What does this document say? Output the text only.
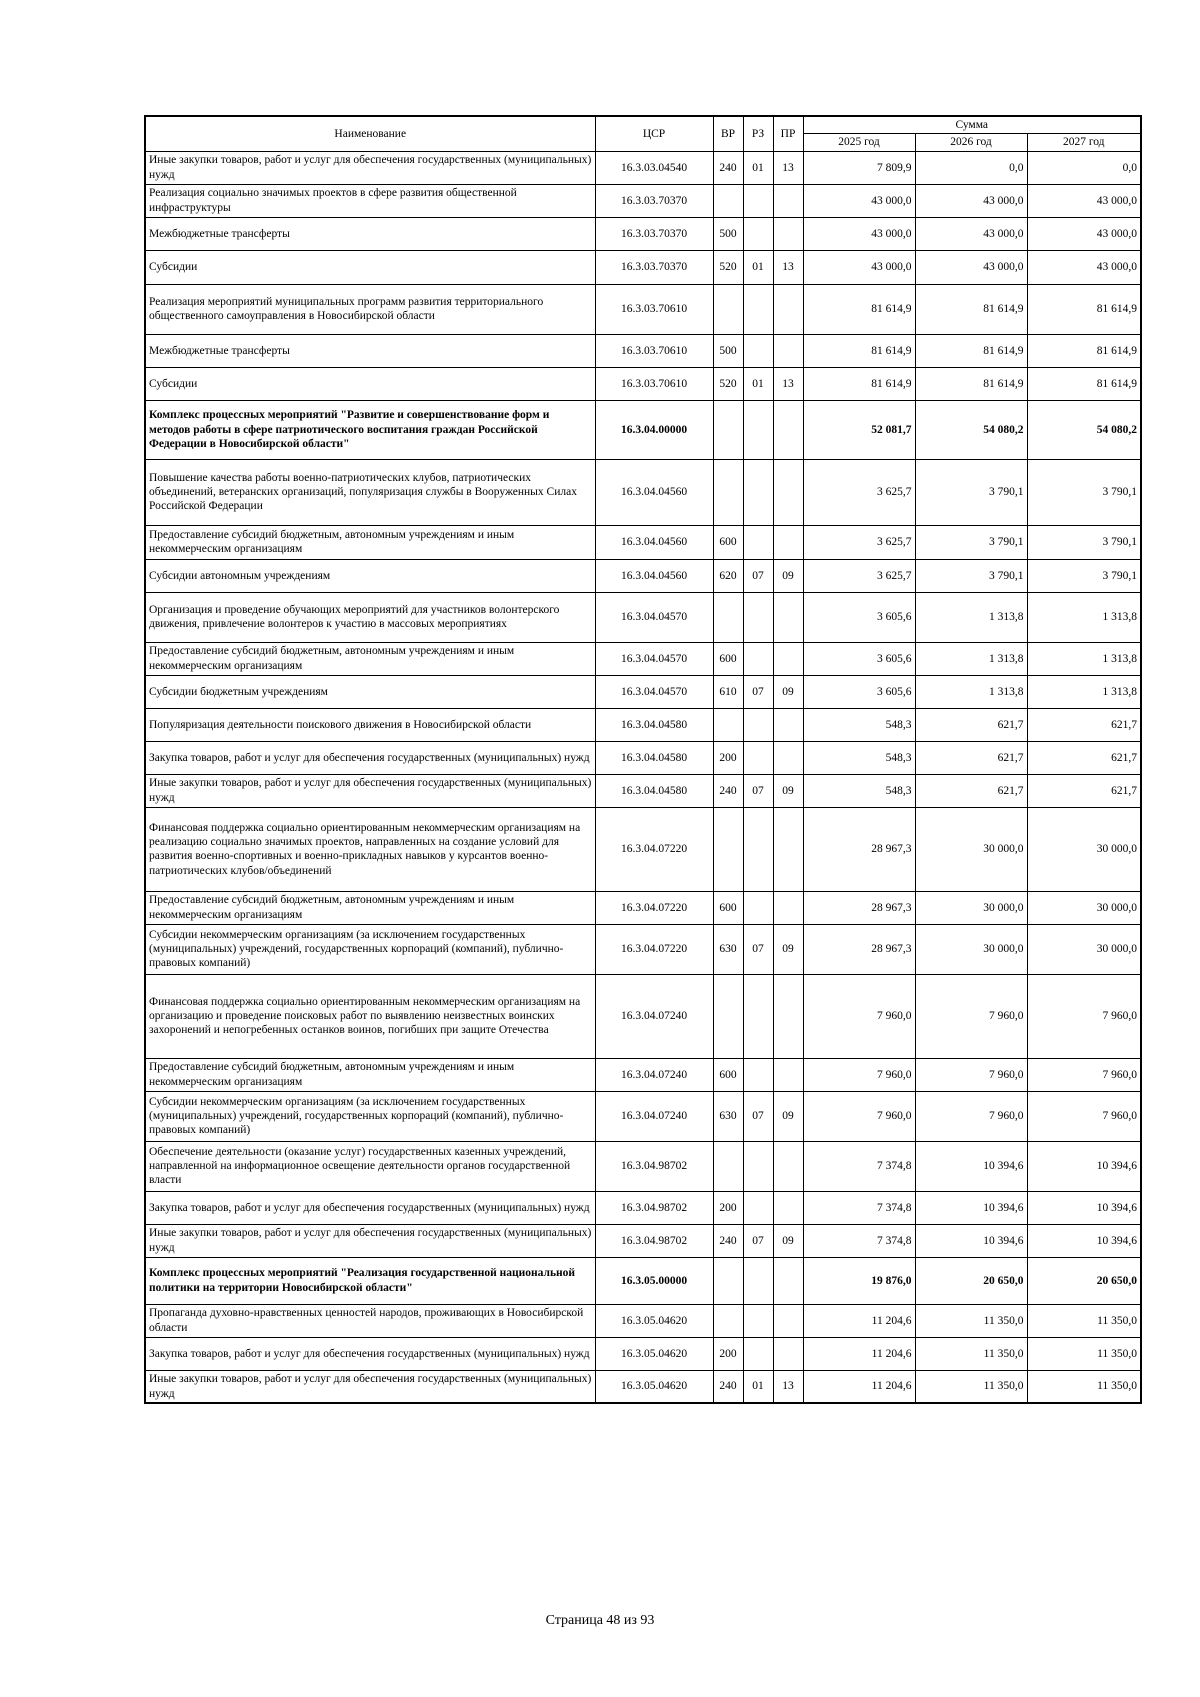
Наименование	ЦСР	ВР	РЗ	ПР	Сумма		
					2025 год	2026 год	2027 год
Иные закупки товаров, работ и услуг для обеспечения государственных (муниципальных) нужд	16.3.03.04540	240	01	13	7 809,9	0,0	0,0
Реализация социально значимых проектов в сфере развития общественной инфраструктуры	16.3.03.70370				43 000,0	43 000,0	43 000,0
Межбюджетные трансферты	16.3.03.70370	500			43 000,0	43 000,0	43 000,0
Субсидии	16.3.03.70370	520	01	13	43 000,0	43 000,0	43 000,0
Реализация мероприятий муниципальных программ развития территориального общественного самоуправления в Новосибирской области	16.3.03.70610				81 614,9	81 614,9	81 614,9
Межбюджетные трансферты	16.3.03.70610	500			81 614,9	81 614,9	81 614,9
Субсидии	16.3.03.70610	520	01	13	81 614,9	81 614,9	81 614,9
Комплекс процессных мероприятий "Развитие и совершенствование форм и методов работы в сфере патриотического воспитания граждан Российской Федерации в Новосибирской области"	16.3.04.00000				52 081,7	54 080,2	54 080,2
Повышение качества работы военно-патриотических клубов, патриотических объединений, ветеранских организаций, популяризация службы в Вооруженных Силах Российской Федерации	16.3.04.04560				3 625,7	3 790,1	3 790,1
Предоставление субсидий бюджетным, автономным учреждениям и иным некоммерческим организациям	16.3.04.04560	600			3 625,7	3 790,1	3 790,1
Субсидии автономным учреждениям	16.3.04.04560	620	07	09	3 625,7	3 790,1	3 790,1
Организация и проведение обучающих мероприятий для участников волонтерского движения, привлечение волонтеров к участию в массовых мероприятиях	16.3.04.04570				3 605,6	1 313,8	1 313,8
Предоставление субсидий бюджетным, автономным учреждениям и иным некоммерческим организациям	16.3.04.04570	600			3 605,6	1 313,8	1 313,8
Субсидии бюджетным учреждениям	16.3.04.04570	610	07	09	3 605,6	1 313,8	1 313,8
Популяризация деятельности поискового движения в Новосибирской области	16.3.04.04580				548,3	621,7	621,7
Закупка товаров, работ и услуг для обеспечения государственных (муниципальных) нужд	16.3.04.04580	200			548,3	621,7	621,7
Иные закупки товаров, работ и услуг для обеспечения государственных (муниципальных) нужд	16.3.04.04580	240	07	09	548,3	621,7	621,7
Финансовая поддержка социально ориентированным некоммерческим организациям на реализацию социально значимых проектов, направленных на создание условий для развития военно-спортивных и военно-прикладных навыков у курсантов военно-патриотических клубов/объединений	16.3.04.07220				28 967,3	30 000,0	30 000,0
Предоставление субсидий бюджетным, автономным учреждениям и иным некоммерческим организациям	16.3.04.07220	600			28 967,3	30 000,0	30 000,0
Субсидии некоммерческим организациям (за исключением государственных (муниципальных) учреждений, государственных корпораций (компаний), публично-правовых компаний)	16.3.04.07220	630	07	09	28 967,3	30 000,0	30 000,0
Финансовая поддержка социально ориентированным некоммерческим организациям на организацию и проведение поисковых работ по выявлению неизвестных воинских захоронений и непогребенных останков воинов, погибших при защите Отечества	16.3.04.07240				7 960,0	7 960,0	7 960,0
Предоставление субсидий бюджетным, автономным учреждениям и иным некоммерческим организациям	16.3.04.07240	600			7 960,0	7 960,0	7 960,0
Субсидии некоммерческим организациям (за исключением государственных (муниципальных) учреждений, государственных корпораций (компаний), публично-правовых компаний)	16.3.04.07240	630	07	09	7 960,0	7 960,0	7 960,0
Обеспечение деятельности (оказание услуг) государственных казенных учреждений, направленной на информационное освещение деятельности органов государственной власти	16.3.04.98702				7 374,8	10 394,6	10 394,6
Закупка товаров, работ и услуг для обеспечения государственных (муниципальных) нужд	16.3.04.98702	200			7 374,8	10 394,6	10 394,6
Иные закупки товаров, работ и услуг для обеспечения государственных (муниципальных) нужд	16.3.04.98702	240	07	09	7 374,8	10 394,6	10 394,6
Комплекс процессных мероприятий "Реализация государственной национальной политики на территории Новосибирской области"	16.3.05.00000				19 876,0	20 650,0	20 650,0
Пропаганда духовно-нравственных ценностей народов, проживающих в Новосибирской области	16.3.05.04620				11 204,6	11 350,0	11 350,0
Закупка товаров, работ и услуг для обеспечения государственных (муниципальных) нужд	16.3.05.04620	200			11 204,6	11 350,0	11 350,0
Иные закупки товаров, работ и услуг для обеспечения государственных (муниципальных) нужд	16.3.05.04620	240	01	13	11 204,6	11 350,0	11 350,0
Страница 48 из 93
